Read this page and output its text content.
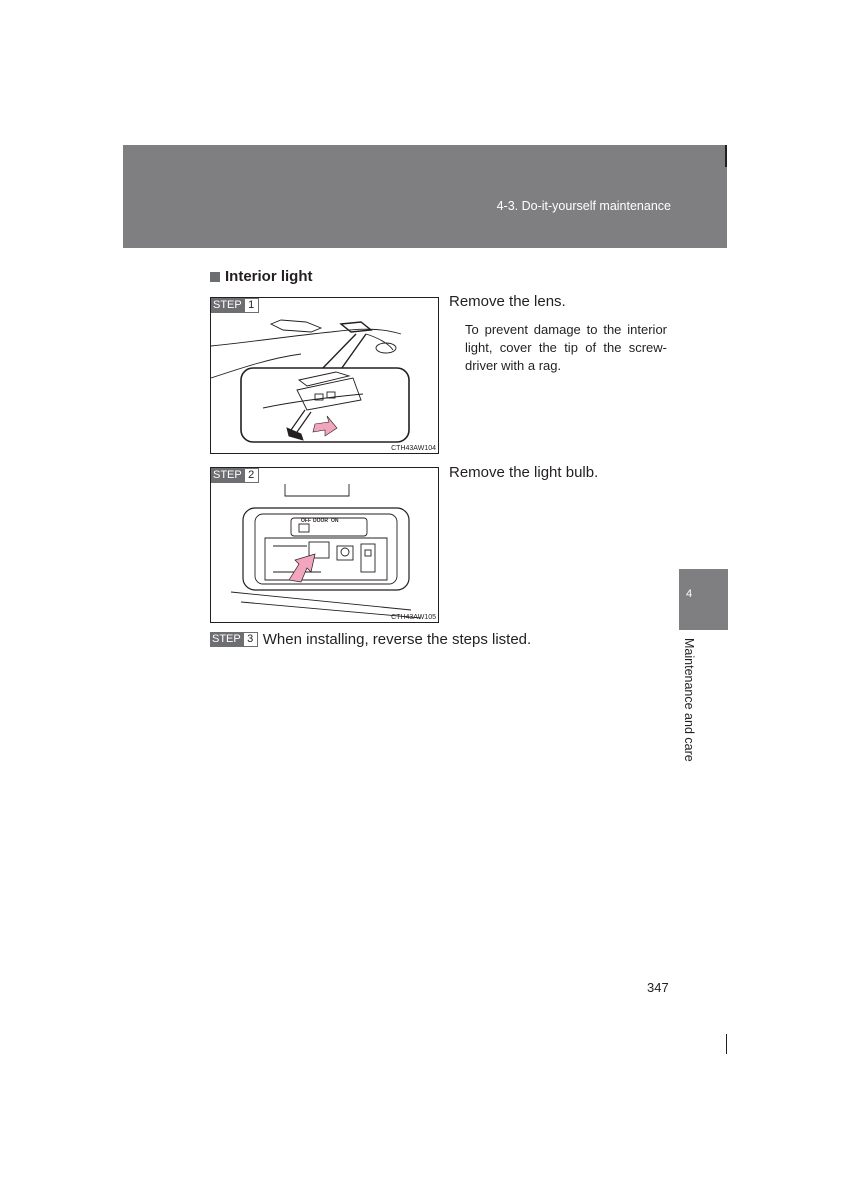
4-3. Do-it-yourself maintenance
Interior light
STEP 1
CTH43AW104
Remove the lens.
To prevent damage to the interior light, cover the tip of the screw-driver with a rag.
STEP 2
OFF DOOR ON
CTH43AW105
Remove the light bulb.
STEP 3 When installing, reverse the steps listed.
4
Maintenance and care
347
